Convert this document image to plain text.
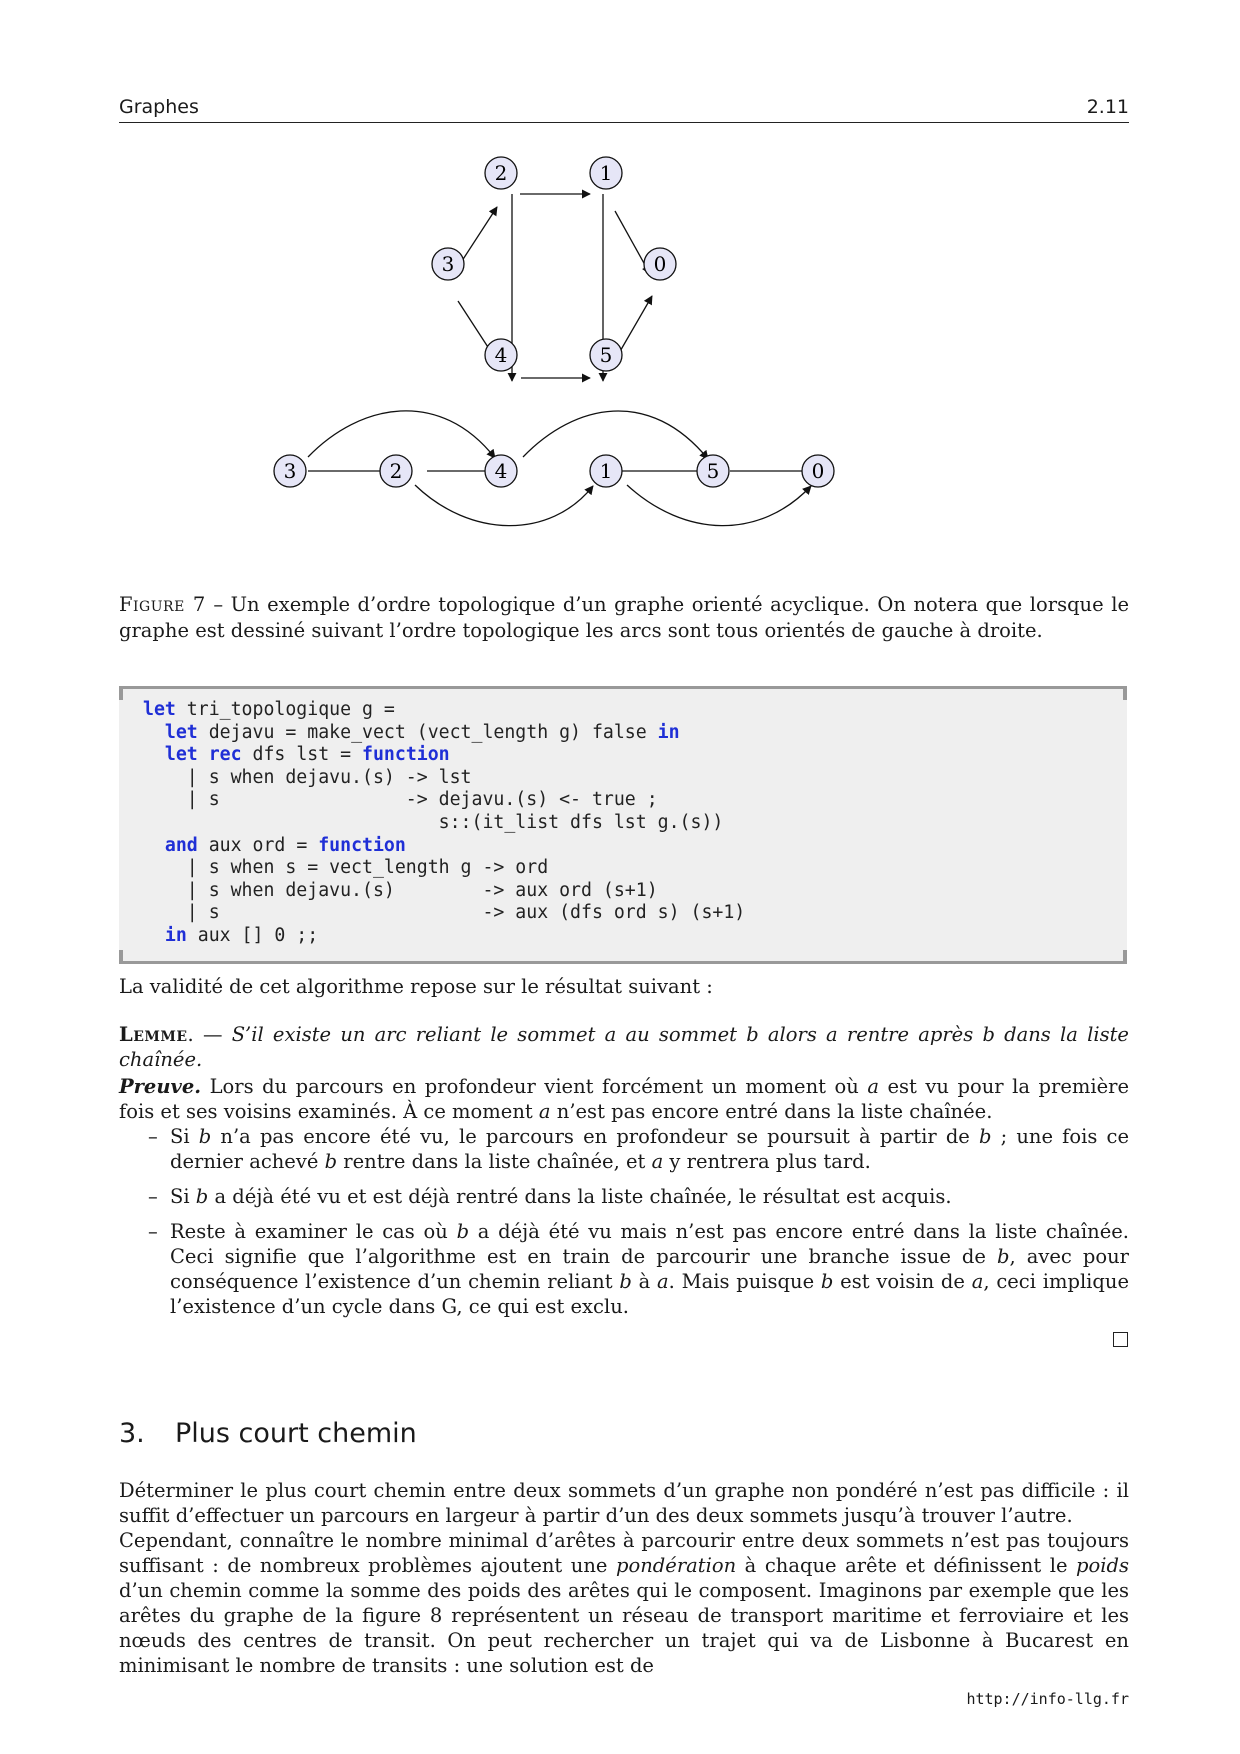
Graphes	2.11
2	1
3	0
4	5
3	2	4	1	5	0
Figure 7 – Un exemple d’ordre topologique d’un graphe orienté acyclique. On notera que lorsque le graphe est dessiné suivant l’ordre topologique les arcs sont tous orientés de gauche à droite.
let tri_topologique g =
let dejavu = make_vect (vect_length g) false in
let rec dfs lst = function
| s when dejavu.(s) -> lst
| s                 -> dejavu.(s) <- true ;
s::(it_list dfs lst g.(s))
and aux ord = function
| s when s = vect_length g -> ord
| s when dejavu.(s)        -> aux ord (s+1)
| s                        -> aux (dfs ord s) (s+1)
in aux [] 0 ;;
La validité de cet algorithme repose sur le résultat suivant :
Lemme. — S’il existe un arc reliant le sommet a au sommet b alors a rentre après b dans la liste chaînée.
Preuve. Lors du parcours en profondeur vient forcément un moment où a est vu pour la première fois et ses voisins examinés. À ce moment a n’est pas encore entré dans la liste chaînée.
– Si b n’a pas encore été vu, le parcours en profondeur se poursuit à partir de b ; une fois ce dernier achevé b rentre dans la liste chaînée, et a y rentrera plus tard.
– Si b a déjà été vu et est déjà rentré dans la liste chaînée, le résultat est acquis.
– Reste à examiner le cas où b a déjà été vu mais n’est pas encore entré dans la liste chaînée. Ceci signifie que l’algorithme est en train de parcourir une branche issue de b, avec pour conséquence l’existence d’un chemin reliant b à a. Mais puisque b est voisin de a, ceci implique l’existence d’un cycle dans G, ce qui est exclu.
3. Plus court chemin
Déterminer le plus court chemin entre deux sommets d’un graphe non pondéré n’est pas difficile : il suffit d’effectuer un parcours en largeur à partir d’un des deux sommets jusqu’à trouver l’autre.
Cependant, connaître le nombre minimal d’arêtes à parcourir entre deux sommets n’est pas toujours suffisant : de nombreux problèmes ajoutent une pondération à chaque arête et définissent le poids d’un chemin comme la somme des poids des arêtes qui le composent. Imaginons par exemple que les arêtes du graphe de la figure 8 représentent un réseau de transport maritime et ferroviaire et les nœuds des centres de transit. On peut rechercher un trajet qui va de Lisbonne à Bucarest en minimisant le nombre de transits : une solution est de
http://info-llg.fr
